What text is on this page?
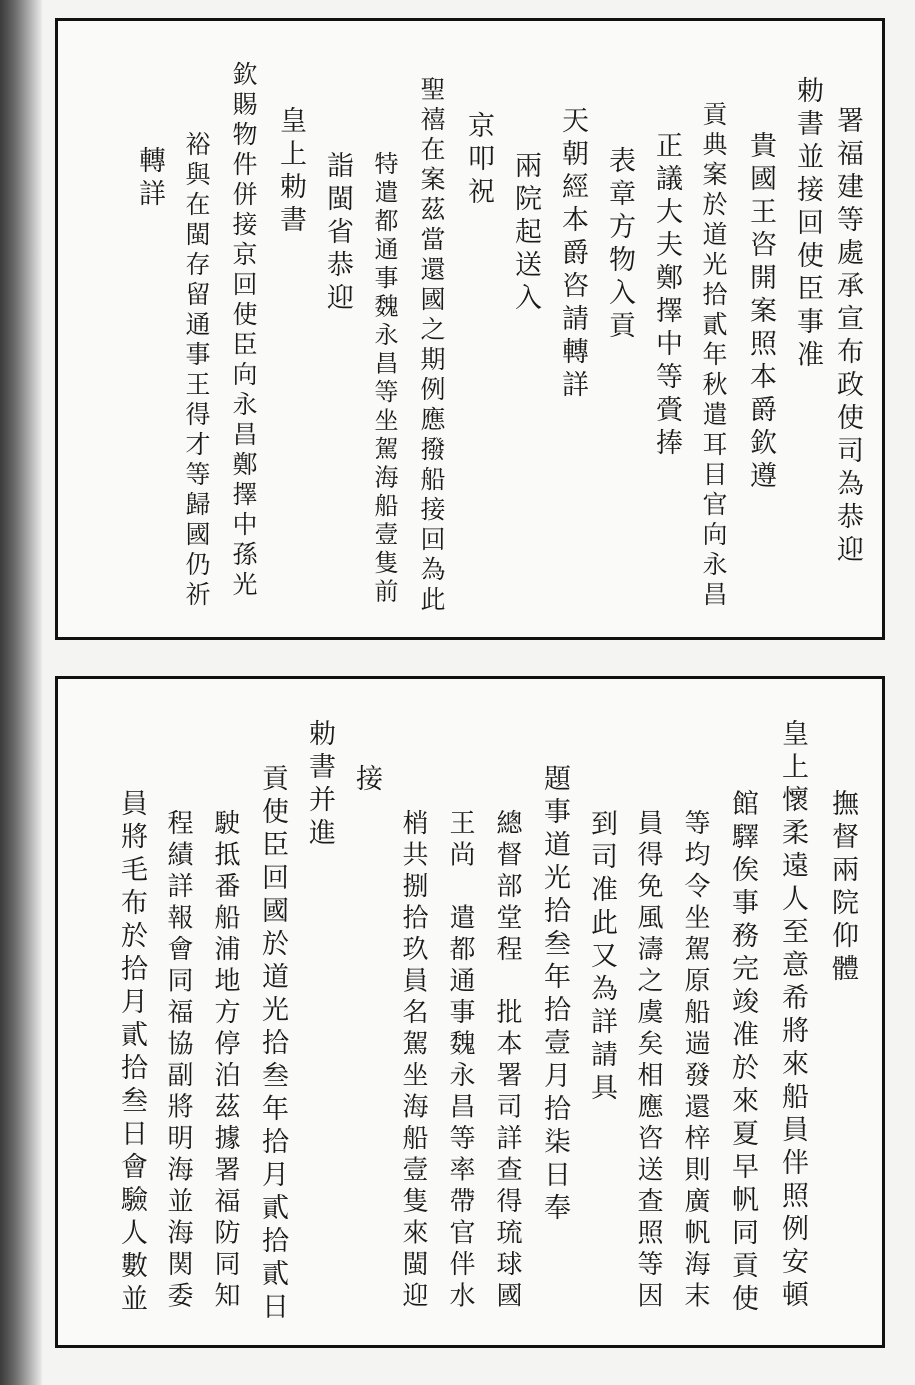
署福建等處承宣布政使司為恭迎
勅書並接回使臣事准
貴國王咨開案照本爵欽遵
貢典案於道光拾貳年秋遣耳目官向永昌
正議大夫鄭擇中等賫捧
表章方物入貢
天朝經本爵咨請轉詳
兩院起送入
京叩祝
聖禧在案茲當還國之期例應撥船接回為此
特遣都通事魏永昌等坐駕海船壹隻前
詣閩省恭迎
皇上勅書
欽賜物件併接京回使臣向永昌鄭擇中孫光
裕與在閩存留通事王得才等歸國仍祈
轉詳
撫督兩院仰體
皇上懷柔遠人至意希將來船員伴照例安頓
館驛俟事務完竣准於來夏早帆同貢使
等均令坐駕原船遄發還梓則廣帆海末
員得免風濤之虞矣相應咨送查照等因
到司准此又為詳請具
題事道光拾叁年拾壹月拾柒日奉
總督部堂程　批本署司詳查得琉球國
王尚　遣都通事魏永昌等率帶官伴水
梢共捌拾玖員名駕坐海船壹隻來閩迎
接
勅書并進
貢使臣回國於道光拾叁年拾月貳拾貳日
駛抵番船浦地方停泊茲據署福防同知
程績詳報會同福協副將明海並海関委
員將毛布於拾月貳拾叁日會驗人數並
